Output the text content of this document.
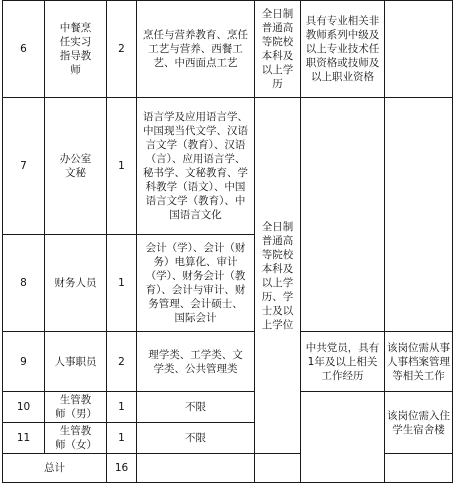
6	中餐烹任实习指导教师	2	烹任与营养教育、烹任工艺与营养、西餐工艺、中西面点工艺	全日制普通高等院校本科及以上学历	具有专业相关非教师系列中级及以上专业技术任职资格或技师及以上职业资格	
7	办公室文秘	1	语言学及应用语言学、中国现当代文学、汉语言文学（教育）、汉语（言）、应用语言学、秘书学、文秘教育、学科教学（语文）、中国语言文学（教育）、中国语言文化	全日制普通高等院校本科及以上学历、学士及以上学位		
8	财务人员	1	会计（学）、会计（财务）电算化、审计（学）、财务会计（教育）、会计与审计、财务管理、会计硕士、国际会计			
9	人事职员	2	理学类、工学类、文学类、公共管理类		中共党员，具有1年及以上相关工作经历	该岗位需从事人事档案管理等相关工作
10	生管教师（男）	1	不限			该岗位需入住学生宿舍楼
11	生管教师（女）	1	不限			
总计		16				
